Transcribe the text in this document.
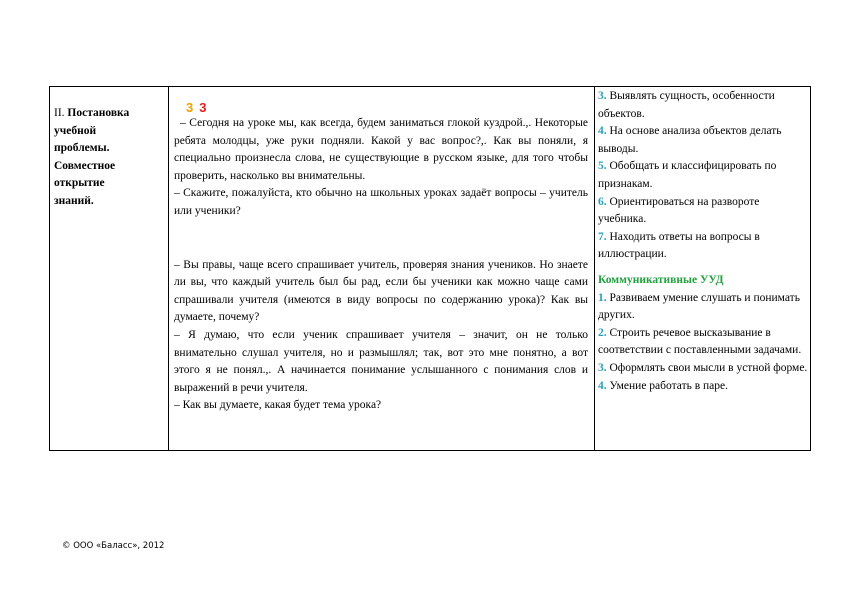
II. Постановка

учебной

проблемы.

Совместное

открытие

знаний.

3 3

– Сегодня на уроке мы, как всегда, будем заниматься глокой куздрой.,. Некоторые ребята молодцы, уже руки подняли. Какой у вас вопрос?,. Как вы поняли, я специально произнесла слова, не существующие в русском языке, для того чтобы проверить, насколько вы внимательны.

– Скажите, пожалуйста, кто обычно на школьных уроках задаёт вопросы – учитель или ученики?

– Вы правы, чаще всего спрашивает учитель, проверяя знания учеников. Но знаете ли вы, что каждый учитель был бы рад, если бы ученики как можно чаще сами спрашивали учителя (имеются в виду вопросы по содержанию урока)? Как вы думаете, почему?

– Я думаю, что если ученик спрашивает учителя – значит, он не только внимательно слушал учителя, но и размышлял; так, вот это мне понятно, а вот этого я не понял.,. А начинается понимание услышанного с понимания слов и выражений в речи учителя.

– Как вы думаете, какая будет тема урока?

3. Выявлять сущность, особенности объектов.

4. На основе анализа объектов делать выводы.

5. Обобщать и классифицировать по признакам.

6. Ориентироваться на развороте учебника.

7. Находить ответы на вопросы в иллюстрации.

Коммуникативные УУД

1. Развиваем умение слушать и понимать других.

2. Строить речевое высказывание в соответствии с поставленными задачами.

3. Оформлять свои мысли в устной форме.

4. Умение работать в паре.

© ООО «Баласс», 2012
